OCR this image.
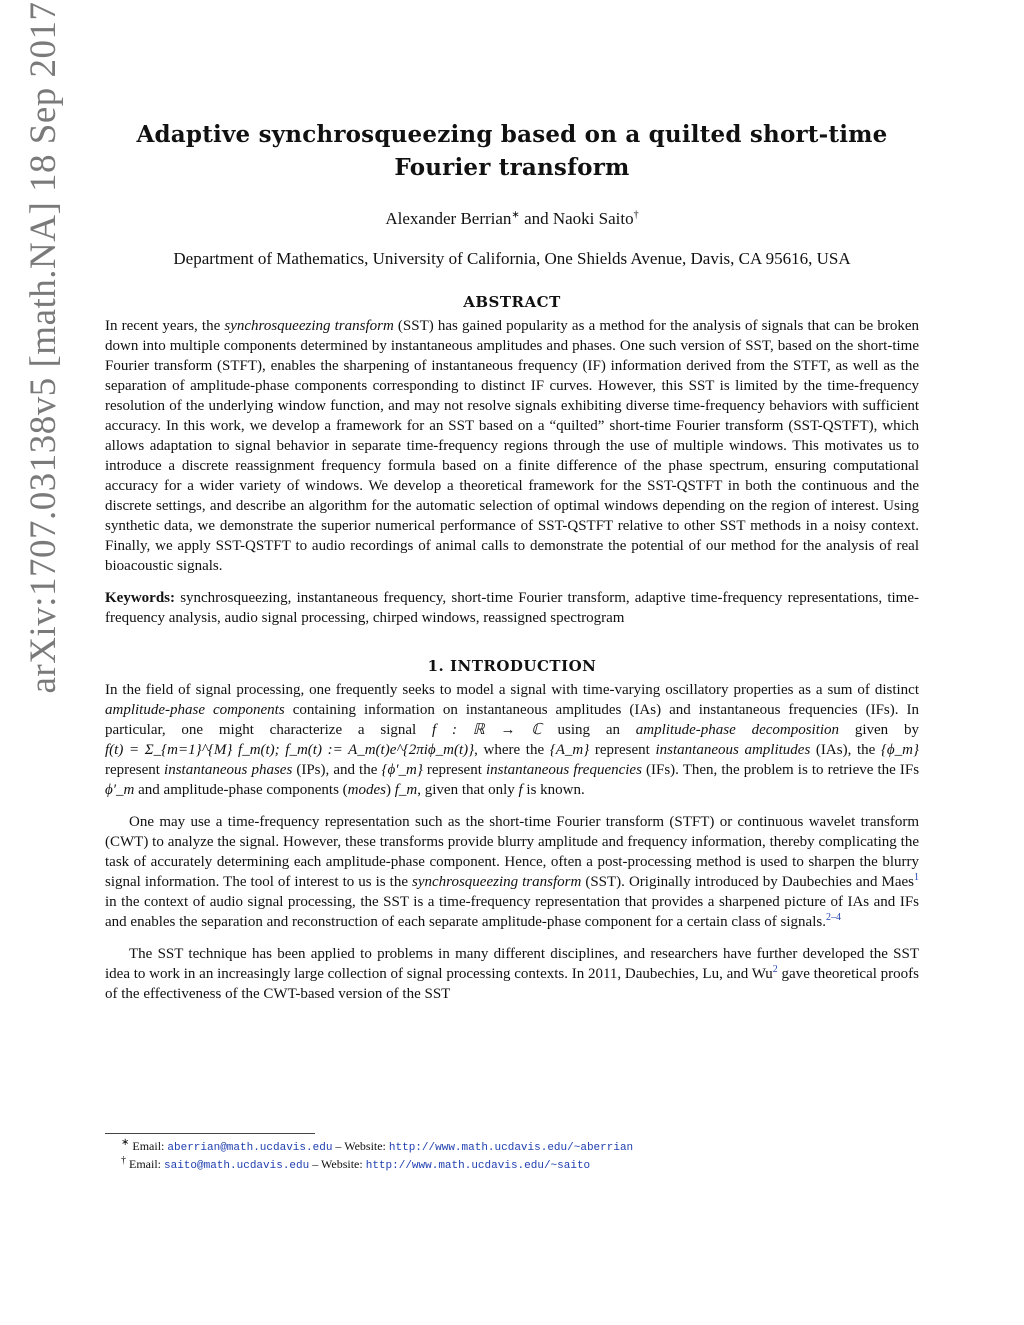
arXiv:1707.03138v5 [math.NA] 18 Sep 2017	Adaptive synchrosqueezing based on a quilted short-time Fourier transform
Alexander Berrian∗ and Naoki Saito†
Department of Mathematics, University of California, One Shields Avenue, Davis, CA 95616, USA
ABSTRACT

In recent years, the synchrosqueezing transform (SST) has gained popularity as a method for the analysis of signals that can be broken down into multiple components determined by instantaneous amplitudes and phases. One such version of SST, based on the short-time Fourier transform (STFT), enables the sharpening of instantaneous frequency (IF) information derived from the STFT, as well as the separation of amplitude-phase components corresponding to distinct IF curves. However, this SST is limited by the time-frequency resolution of the underlying window function, and may not resolve signals exhibiting diverse time-frequency behaviors with sufficient accuracy. In this work, we develop a framework for an SST based on a “quilted” short-time Fourier transform (SST-QSTFT), which allows adaptation to signal behavior in separate time-frequency regions through the use of multiple windows. This motivates us to introduce a discrete reassignment frequency formula based on a finite difference of the phase spectrum, ensuring computational accuracy for a wider variety of windows. We develop a theoretical framework for the SST-QSTFT in both the continuous and the discrete settings, and describe an algorithm for the automatic selection of optimal windows depending on the region of interest. Using synthetic data, we demonstrate the superior numerical performance of SST-QSTFT relative to other SST methods in a noisy context. Finally, we apply SST-QSTFT to audio recordings of animal calls to demonstrate the potential of our method for the analysis of real bioacoustic signals.

Keywords: synchrosqueezing, instantaneous frequency, short-time Fourier transform, adaptive time-frequency representations, time-frequency analysis, audio signal processing, chirped windows, reassigned spectrogram

1. INTRODUCTION

In the field of signal processing, one frequently seeks to model a signal with time-varying oscillatory properties as a sum of distinct amplitude-phase components containing information on instantaneous amplitudes (IAs) and instantaneous frequencies (IFs). In particular, one might characterize a signal f : ℝ → ℂ using an amplitude-phase decomposition given by f(t) = Σ_{m=1}^{M} f_m(t); f_m(t) := A_m(t)e^{2πiϕ_m(t)}, where the {A_m} represent instantaneous amplitudes (IAs), the {ϕ_m} represent instantaneous phases (IPs), and the {ϕ′_m} represent instantaneous frequencies (IFs). Then, the problem is to retrieve the IFs ϕ′_m and amplitude-phase components (modes) f_m, given that only f is known.

One may use a time-frequency representation such as the short-time Fourier transform (STFT) or continuous wavelet transform (CWT) to analyze the signal. However, these transforms provide blurry amplitude and frequency information, thereby complicating the task of accurately determining each amplitude-phase component. Hence, often a post-processing method is used to sharpen the blurry signal information. The tool of interest to us is the synchrosqueezing transform (SST). Originally introduced by Daubechies and Maes$^1$ in the context of audio signal processing, the SST is a time-frequency representation that provides a sharpened picture of IAs and IFs and enables the separation and reconstruction of each separate amplitude-phase component for a certain class of signals.$^{2-4}$

The SST technique has been applied to problems in many different disciplines, and researchers have further developed the SST idea to work in an increasingly large collection of signal processing contexts. In 2011, Daubechies, Lu, and Wu$^2$ gave theoretical proofs of the effectiveness of the CWT-based version of the SST

∗ Email: aberrian@math.ucdavis.edu – Website: http://www.math.ucdavis.edu/~aberrian
† Email: saito@math.ucdavis.edu – Website: http://www.math.ucdavis.edu/~saito
